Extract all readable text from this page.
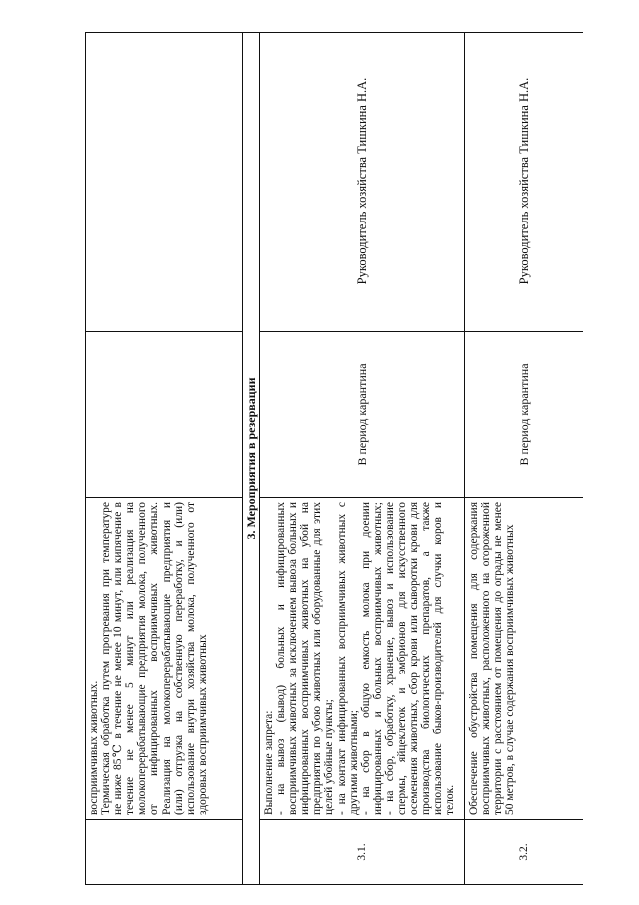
восприимчивых животных. Термическая обработка путем прогревания при температуре не ниже 85℃ в течение не менее 10 минут, или кипячение в течение не менее 5 минут или реализация на молокоперерабатывающие предприятия молока, полученного от инфицированных восприимчивых животных. Реализация на молокоперерабатывающие предприятия и (или) отгрузка на собственную переработку, и (или) использование внутри хозяйства молока, полученного от здоровых восприимчивых животных
3. Мероприятия в резервации
3.1.
Выполнение запрета: - на вывоз (вывод) больных и инфицированных восприимчивых животных за исключением вывоза больных и инфицированных восприимчивых животных на убой на предприятия по убою животных или оборудованные для этих целей убойные пункты; - на контакт инфицированных восприимчивых животных с другими животными; - на сбор в общую емкость молока при доении инфицированных и больных восприимчивых животных; - на сбор, обработку, хранение, вывоз и использование спермы, яйцеклеток и эмбрионов для искусственного осеменения животных, сбор крови или сыворотки крови для производства биологических препаратов, а также использование быков-производителей для случки коров и телок.
В период карантина
Руководитель хозяйства Тишкина Н.А.
3.2.
Обеспечение обустройства помещения для содержания восприимчивых животных, расположенного на огороженной территории с расстоянием от помещения до ограды не менее 50 метров, в случае содержания восприимчивых животных
В период карантина
Руководитель хозяйства Тишкина Н.А.
